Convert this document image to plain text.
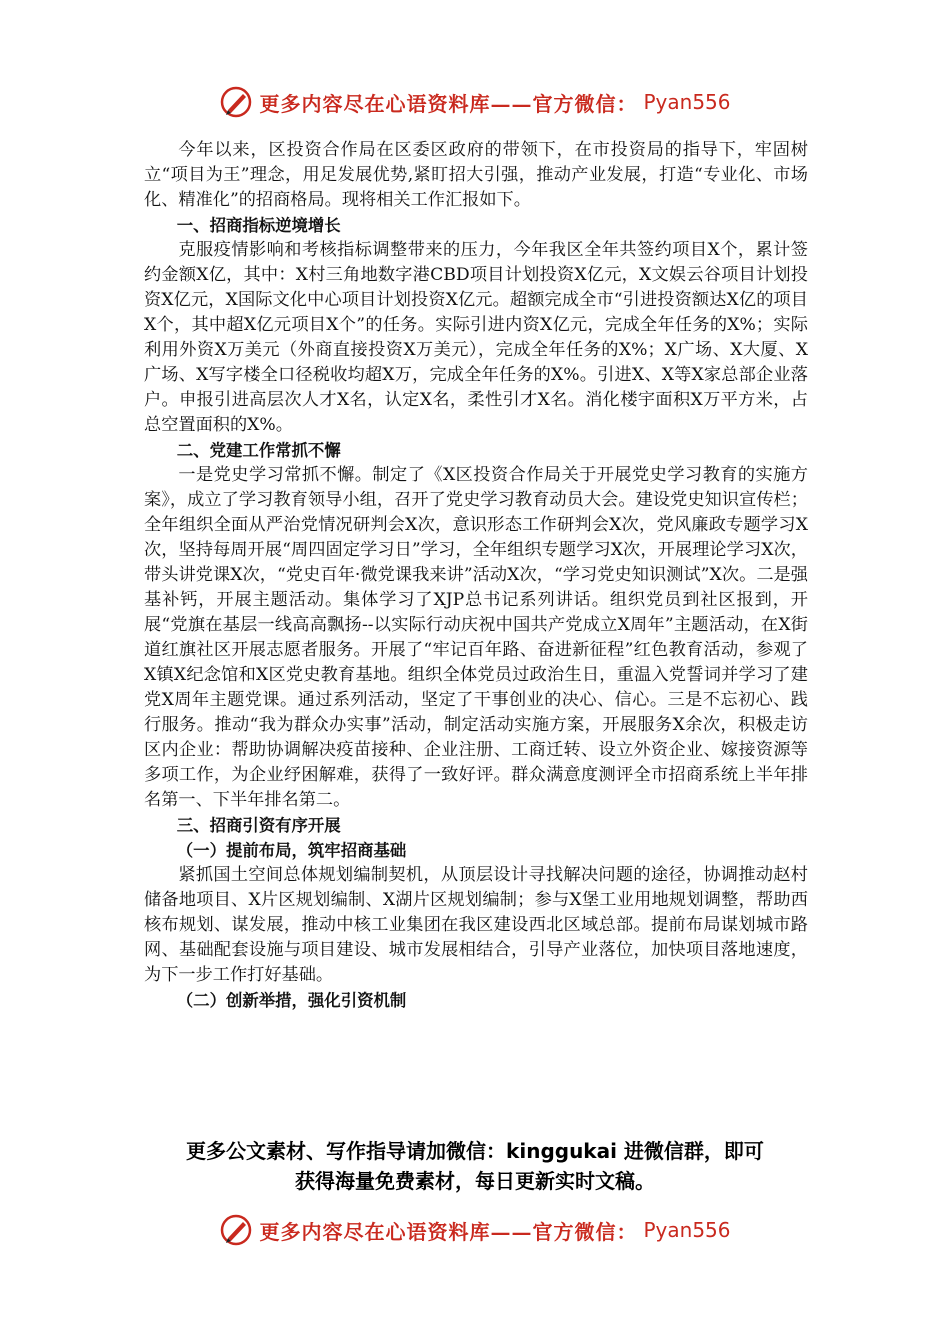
更多内容尽在心语资料库——官方微信： Pyan556

今年以来，区投资合作局在区委区政府的带领下，在市投资局的指导下，牢固树立“项目为王”理念，用足发展优势,紧盯招大引强，推动产业发展，打造“专业化、市场化、精准化”的招商格局。现将相关工作汇报如下。

一、招商指标逆境增长

克服疫情影响和考核指标调整带来的压力，今年我区全年共签约项目X个，累计签约金额X亿，其中：X村三角地数字港CBD项目计划投资X亿元，X文娱云谷项目计划投资X亿元，X国际文化中心项目计划投资X亿元。超额完成全市“引进投资额达X亿的项目X个，其中超X亿元项目X个”的任务。实际引进内资X亿元，完成全年任务的X%；实际利用外资X万美元（外商直接投资X万美元），完成全年任务的X%；X广场、X大厦、X广场、X写字楼全口径税收均超X万，完成全年任务的X%。引进X、X等X家总部企业落户。申报引进高层次人才X名，认定X名，柔性引才X名。消化楼宇面积X万平方米，占总空置面积的X%。

二、党建工作常抓不懈

一是党史学习常抓不懈。制定了《X区投资合作局关于开展党史学习教育的实施方案》，成立了学习教育领导小组，召开了党史学习教育动员大会。建设党史知识宣传栏；全年组织全面从严治党情况研判会X次，意识形态工作研判会X次，党风廉政专题学习X次，坚持每周开展“周四固定学习日”学习，全年组织专题学习X次，开展理论学习X次，带头讲党课X次，“党史百年·微党课我来讲”活动X次，“学习党史知识测试”X次。二是强基补钙，开展主题活动。集体学习了XJP总书记系列讲话。组织党员到社区报到，开展“党旗在基层一线高高飘扬--以实际行动庆祝中国共产党成立X周年”主题活动，在X街道红旗社区开展志愿者服务。开展了“牢记百年路、奋进新征程”红色教育活动，参观了X镇X纪念馆和X区党史教育基地。组织全体党员过政治生日，重温入党誓词并学习了建党X周年主题党课。通过系列活动，坚定了干事创业的决心、信心。三是不忘初心、践行服务。推动“我为群众办实事”活动，制定活动实施方案，开展服务X余次，积极走访区内企业：帮助协调解决疫苗接种、企业注册、工商迁转、设立外资企业、嫁接资源等多项工作，为企业纾困解难，获得了一致好评。群众满意度测评全市招商系统上半年排名第一、下半年排名第二。

三、招商引资有序开展
（一）提前布局，筑牢招商基础

紧抓国土空间总体规划编制契机，从顶层设计寻找解决问题的途径，协调推动赵村储备地项目、X片区规划编制、X湖片区规划编制；参与X堡工业用地规划调整，帮助西核布规划、谋发展，推动中核工业集团在我区建设西北区域总部。提前布局谋划城市路网、基础配套设施与项目建设、城市发展相结合，引导产业落位，加快项目落地速度，为下一步工作打好基础。

（二）创新举措，强化引资机制
更多公文素材、写作指导请加微信：kinggukai 进微信群，即可
获得海量免费素材，每日更新实时文稿。
更多内容尽在心语资料库——官方微信： Pyan556
